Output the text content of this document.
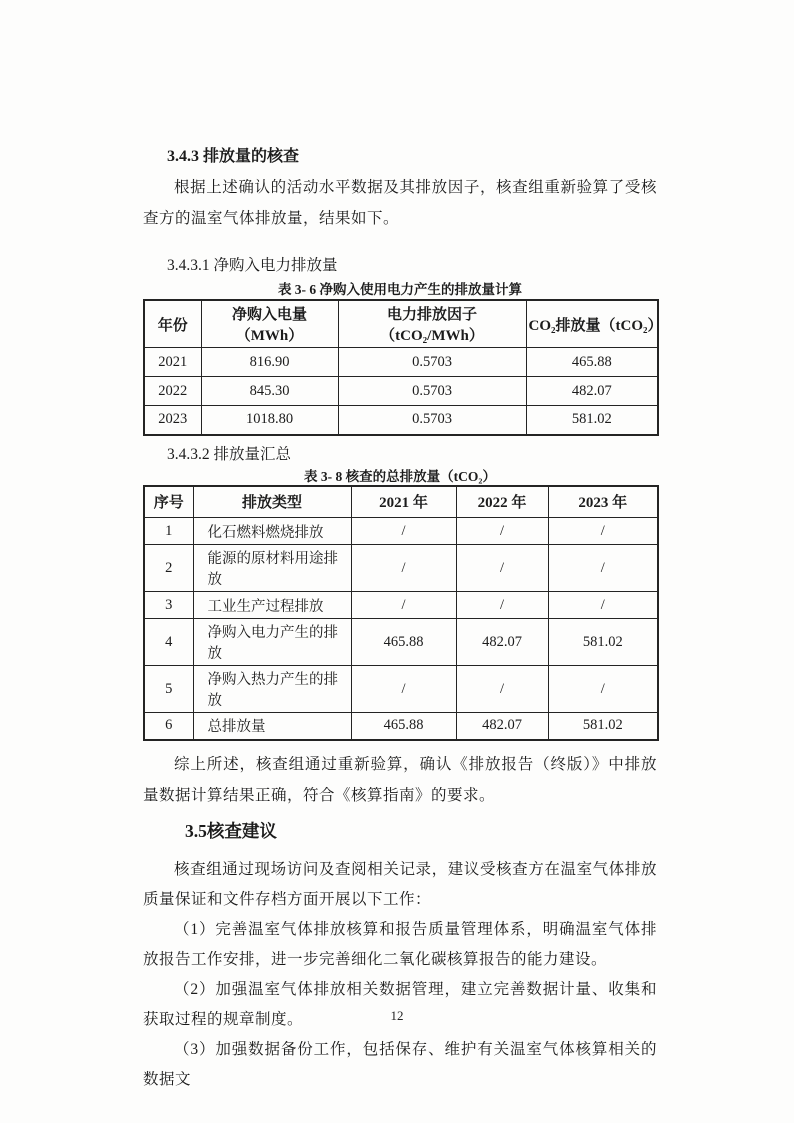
3.4.3 排放量的核查

根据上述确认的活动水平数据及其排放因子，核查组重新验算了受核查方的温室气体排放量，结果如下。

3.4.3.1 净购入电力排放量
表 3- 6 净购入使用电力产生的排放量计算
年份	净购入电量（MWh）	电力排放因子（tCO₂/MWh）	CO₂排放量（tCO₂）
2021	816.90	0.5703	465.88
2022	845.30	0.5703	482.07
2023	1018.80	0.5703	581.02
3.4.3.2 排放量汇总
表 3- 8 核查的总排放量（tCO₂）
序号	排放类型	2021 年	2022 年	2023 年
1	化石燃料燃烧排放	/	/	/
2	能源的原材料用途排放	/	/	/
3	工业生产过程排放	/	/	/
4	净购入电力产生的排放	465.88	482.07	581.02
5	净购入热力产生的排放	/	/	/
6	总排放量	465.88	482.07	581.02

综上所述，核查组通过重新验算，确认《排放报告（终版）》中排放量数据计算结果正确，符合《核算指南》的要求。

3.5核查建议

核查组通过现场访问及查阅相关记录，建议受核查方在温室气体排放质量保证和文件存档方面开展以下工作：

（1）完善温室气体排放核算和报告质量管理体系，明确温室气体排放报告工作安排，进一步完善细化二氧化碳核算报告的能力建设。

（2）加强温室气体排放相关数据管理，建立完善数据计量、收集和获取过程的规章制度。

（3）加强数据备份工作，包括保存、维护有关温室气体核算相关的数据文

12
